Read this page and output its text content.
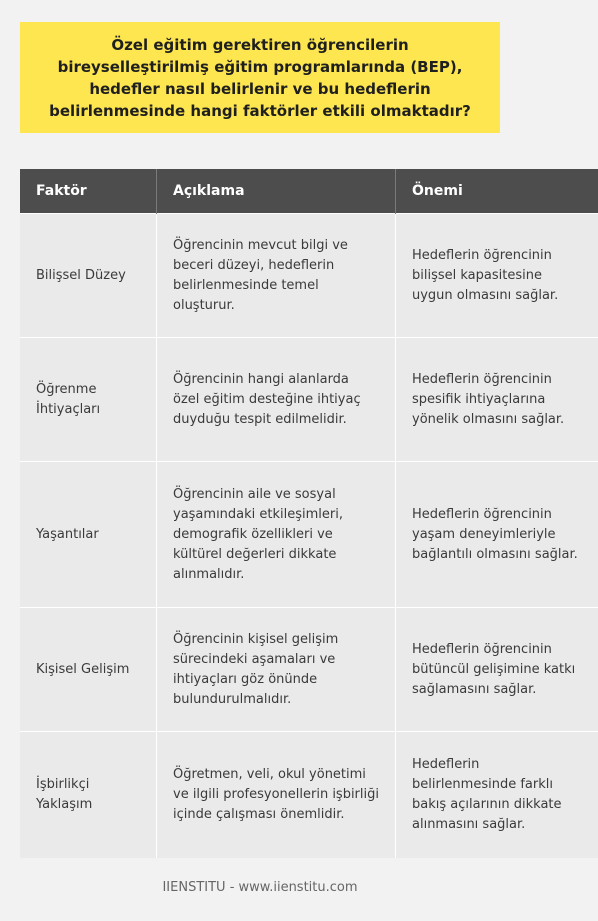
Özel eğitim gerektiren öğrencilerin bireyselleştirilmiş eğitim programlarında (BEP), hedefler nasıl belirlenir ve bu hedeflerin belirlenmesinde hangi faktörler etkili olmaktadır?
Faktör	Açıklama	Önemi
Bilişsel Düzey	Öğrencinin mevcut bilgi ve beceri düzeyi, hedeflerin belirlenmesinde temel oluşturur.	Hedeflerin öğrencinin bilişsel kapasitesine uygun olmasını sağlar.
Öğrenme İhtiyaçları	Öğrencinin hangi alanlarda özel eğitim desteğine ihtiyaç duyduğu tespit edilmelidir.	Hedeflerin öğrencinin spesifik ihtiyaçlarına yönelik olmasını sağlar.
Yaşantılar	Öğrencinin aile ve sosyal yaşamındaki etkileşimleri, demografik özellikleri ve kültürel değerleri dikkate alınmalıdır.	Hedeflerin öğrencinin yaşam deneyimleriyle bağlantılı olmasını sağlar.
Kişisel Gelişim	Öğrencinin kişisel gelişim sürecindeki aşamaları ve ihtiyaçları göz önünde bulundurulmalıdır.	Hedeflerin öğrencinin bütüncül gelişimine katkı sağlamasını sağlar.
İşbirlikçi Yaklaşım	Öğretmen, veli, okul yönetimi ve ilgili profesyonellerin işbirliği içinde çalışması önemlidir.	Hedeflerin belirlenmesinde farklı bakış açılarının dikkate alınmasını sağlar.
IIENSTITU - www.iienstitu.com
